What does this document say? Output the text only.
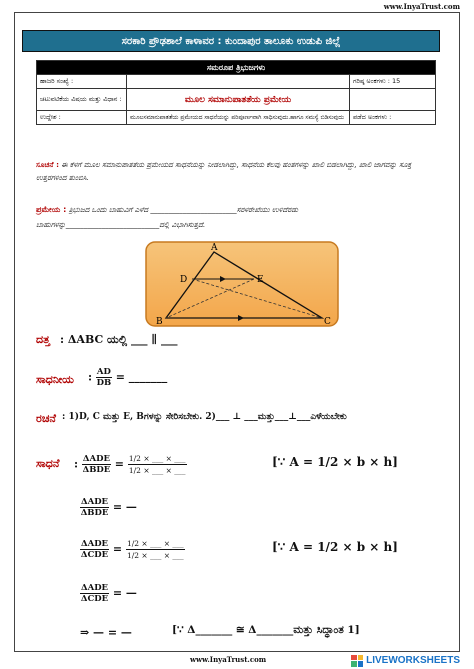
www.InyaTrust.com
ಸರಕಾರಿ ಪ್ರೌಢಶಾಲೆ ಕಾಳಾವರ : ಕುಂದಾಪುರ ತಾಲೂಕು ಉಡುಪಿ ಜಿಲ್ಲೆ
ಸಮರೂಪ ತ್ರಿಭುಜಗಳು		
ಹಾಜರಿ ಸಂಖ್ಯೆ :		ಗರಿಷ್ಠ ಅಂಕಗಳು : 15
ಚಟುವಟಿಕೆಯ ವಿಷಯ ಮತ್ತು ವಿಧಾನ :	ಮೂಲ ಸಮಾನುಪಾತತೆಯ ಪ್ರಮೇಯ	
ಉದ್ದೇಶ :	ಮೂಲಸಮಾನುಪಾತತೆಯ ಪ್ರಮೇಯದ ಸಾಧನೆಯನ್ನು ಪರಿಪೂರ್ಣವಾಗಿ ಸಾಧಿಸುವುದು.ಹಾಗೂ ಸಮಸ್ಯೆ ಬಿಡಿಸುವುದು	ಪಡೆದ ಅಂಕಗಳು :
ಸೂಚನೆ : ಈ ಕೆಳಗೆ ಮೂಲ ಸಮಾನುಪಾತತೆಯ ಪ್ರಮೇಯದ ಸಾಧನೆಯನ್ನು ನೀಡಲಾಗಿದ್ದು, ಸಾಧನೆಯ ಕೆಲವು ಹಂತಗಳನ್ನು ಖಾಲಿ ಬಿಡಲಾಗಿದ್ದು, ಖಾಲಿ ಜಾಗವನ್ನು ಸೂಕ್ತ ಉತ್ತರಗಳಿಂದ ತುಂಬಿಸಿ.
ಪ್ರಮೇಯ : ತ್ರಿಭುಜದ ಒಂದು ಬಾಹುವಿಗೆ ಎಳೆದ ________________________ಸರಳರೇಖೆಯು ಉಳಿದೆರಡು
ಬಾಹುಗಳನ್ನು__________________________ದಲ್ಲಿ ವಿಭಾಗಿಸುತ್ತದೆ.
A
D	E
B	C
ದತ್ತ : ΔABC ಯಲ್ಲಿ ___ ∥ ___
ಸಾಧನೀಯ : $\frac{AD}{DB}$ = _______
ರಚನೆ : 1)D, C ಮತ್ತು E, Bಗಳನ್ನು ಸೇರಿಸಬೇಕು. 2)___ ⊥ ___ಮತ್ತು___⊥___ಎಳೆಯಬೇಕು
ಸಾಧನೆ : $\frac{\text{ΔADE}}{\text{ΔBDE}} = \frac{1/2 \times \_\_\_ \times \_\_\_}{1/2 \times \_\_\_ \times \_\_\_}$	[∵ A = 1/2 × b × h]
$\frac{\text{ΔADE}}{\text{ΔBDE}}$ = —
$\frac{\text{ΔADE}}{\text{ΔCDE}} = \frac{1/2 \times \_\_\_ \times \_\_\_}{1/2 \times \_\_\_ \times \_\_\_}$	[∵ A = 1/2 × b × h]
$\frac{\text{ΔADE}}{\text{ΔCDE}}$ = —
⇒ — = —	[∵ Δ_______ ≅ Δ_______ಮತ್ತು ಸಿದ್ಧಾಂತ 1]
www.InyaTrust.com	LIVEWORKSHEETS
